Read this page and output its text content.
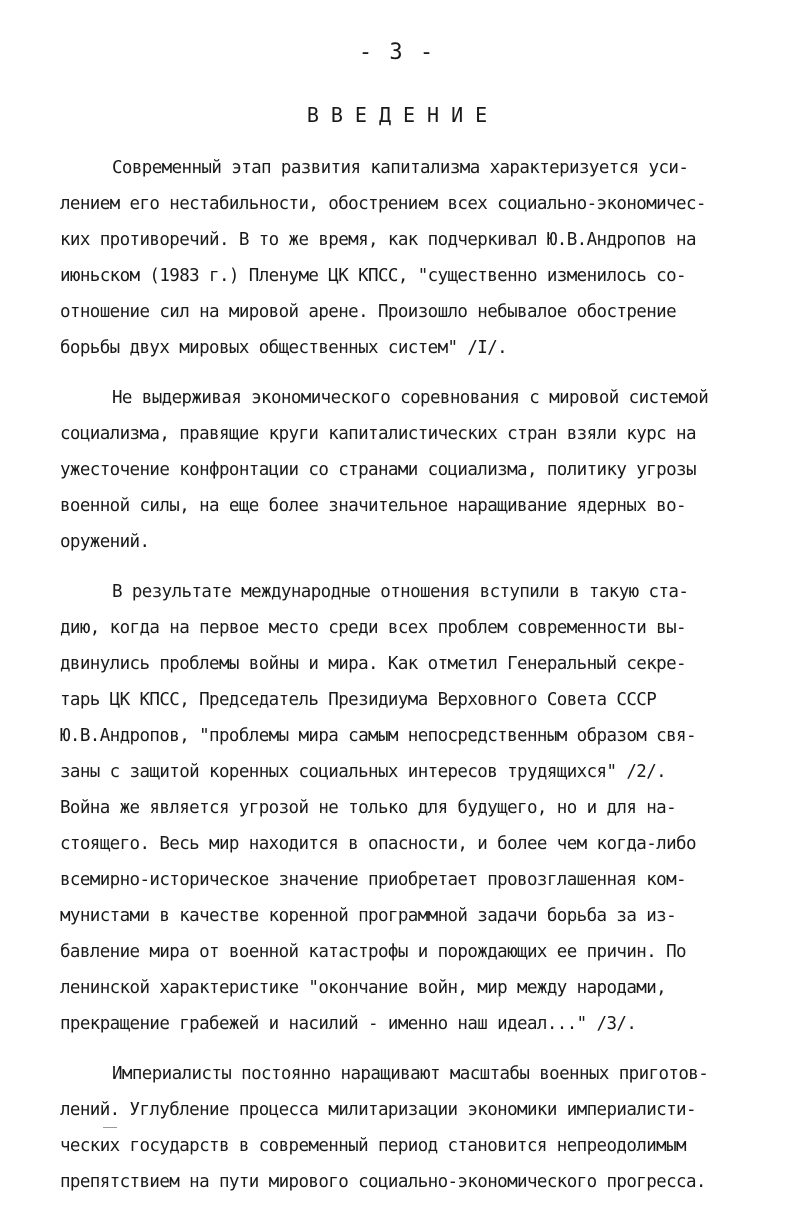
- 3 -
ВВЕДЕНИЕ

Современный этап развития капитализма характеризуется уси-
лением его нестабильности, обострением всех социально-экономичес-
ких противоречий. В то же время, как подчеркивал Ю.В.Андропов на
июньском (1983 г.) Пленуме ЦК КПСС, "существенно изменилось со-
отношение сил на мировой арене. Произошло небывалое обострение
борьбы двух мировых общественных систем" /I/.

Не выдерживая экономического соревнования с мировой системой
социализма, правящие круги капиталистических стран взяли курс на
ужесточение конфронтации со странами социализма, политику угрозы
военной силы, на еще более значительное наращивание ядерных во-
оружений.

В результате международные отношения вступили в такую ста-
дию, когда на первое место среди всех проблем современности вы-
двинулись проблемы войны и мира. Как отметил Генеральный секре-
тарь ЦК КПСС, Председатель Президиума Верховного Совета СССР
Ю.В.Андропов, "проблемы мира самым непосредственным образом свя-
заны с защитой коренных социальных интересов трудящихся" /2/.
Война же является угрозой не только для будущего, но и для на-
стоящего. Весь мир находится в опасности, и более чем когда-либо
всемирно-историческое значение приобретает провозглашенная ком-
мунистами в качестве коренной программной задачи борьба за из-
бавление мира от военной катастрофы и порождающих ее причин. По
ленинской характеристике "окончание войн, мир между народами,
прекращение грабежей и насилий - именно наш идеал..." /3/.

Империалисты постоянно наращивают масштабы военных приготов-
лений. Углубление процесса милитаризации экономики империалисти-
ческих государств в современный период становится непреодолимым
препятствием на пути мирового социально-экономического прогресса.
